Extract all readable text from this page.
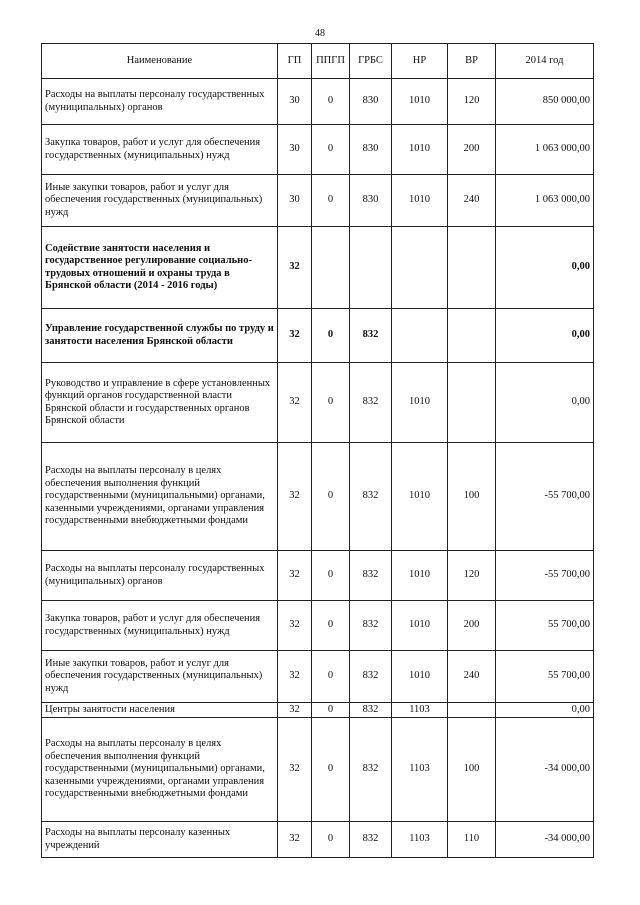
48
Наименование	ГП	ППГП	ГРБС	НР	ВР	2014 год
Расходы на выплаты персоналу государственных (муниципальных) органов	30	0	830	1010	120	850 000,00
Закупка товаров, работ и услуг для обеспечения государственных (муниципальных) нужд	30	0	830	1010	200	1 063 000,00
Иные закупки товаров, работ и услуг для обеспечения государственных (муниципальных) нужд	30	0	830	1010	240	1 063 000,00
Содействие занятости населения и государственное регулирование социально-трудовых отношений и охраны труда в Брянской области (2014 - 2016 годы)	32					0,00
Управление государственной службы по труду и занятости населения Брянской области	32	0	832			0,00
Руководство и управление в сфере установленных функций органов государственной власти Брянской области и государственных органов Брянской области	32	0	832	1010		0,00
Расходы на выплаты персоналу в целях обеспечения выполнения функций государственными (муниципальными) органами, казенными учреждениями, органами управления государственными внебюджетными фондами	32	0	832	1010	100	-55 700,00
Расходы на выплаты персоналу государственных (муниципальных) органов	32	0	832	1010	120	-55 700,00
Закупка товаров, работ и услуг для обеспечения государственных (муниципальных) нужд	32	0	832	1010	200	55 700,00
Иные закупки товаров, работ и услуг для обеспечения государственных (муниципальных) нужд	32	0	832	1010	240	55 700,00
Центры занятости населения	32	0	832	1103		0,00
Расходы на выплаты персоналу в целях обеспечения выполнения функций государственными (муниципальными) органами, казенными учреждениями, органами управления государственными внебюджетными фондами	32	0	832	1103	100	-34 000,00
Расходы на выплаты персоналу казенных учреждений	32	0	832	1103	110	-34 000,00
